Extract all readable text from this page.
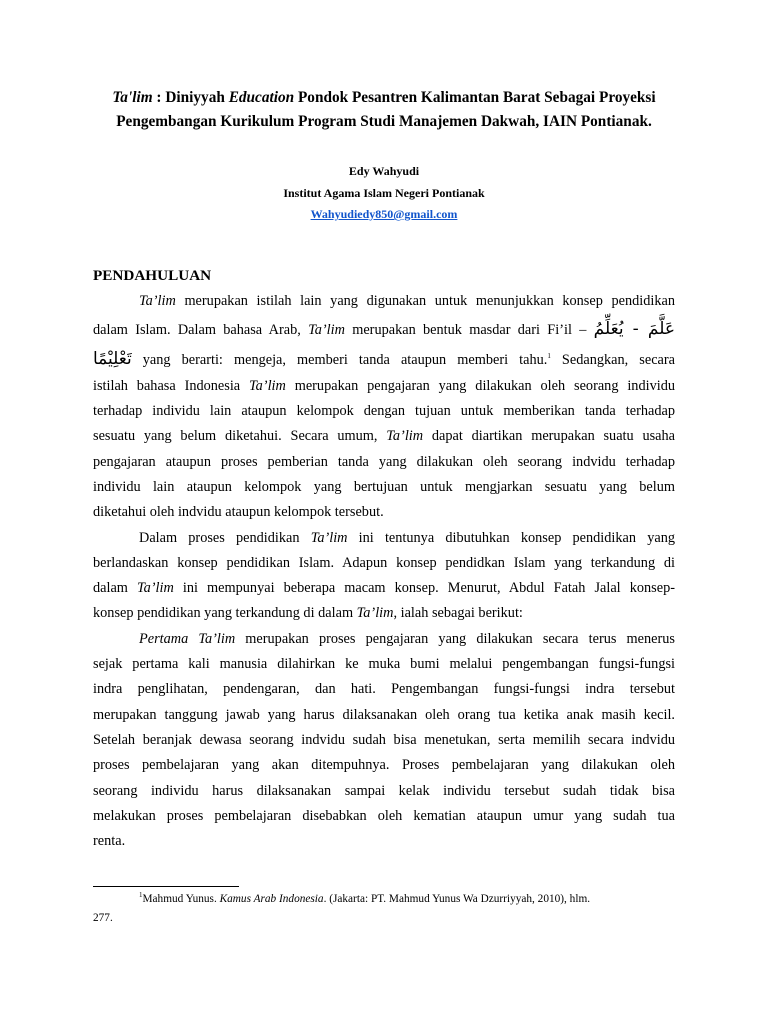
Ta'lim : Diniyyah Education Pondok Pesantren Kalimantan Barat Sebagai Proyeksi
Pengembangan Kurikulum Program Studi Manajemen Dakwah, IAIN Pontianak.

Edy Wahyudi
Institut Agama Islam Negeri Pontianak
Wahyudiedy850@gmail.com
PENDAHULUAN
Ta’lim merupakan istilah lain yang digunakan untuk menunjukkan konsep pendidikan
dalam Islam. Dalam bahasa Arab, Ta’lim merupakan bentuk masdar dari Fi’il – عَلَّمَ - يُعَلِّمُ
تَعْلِيْمًا yang berarti: mengeja, memberi tanda ataupun memberi tahu.$^1$ Sedangkan, secara
istilah bahasa Indonesia Ta’lim merupakan pengajaran yang dilakukan oleh seorang individu
terhadap individu lain ataupun kelompok dengan tujuan untuk memberikan tanda terhadap
sesuatu yang belum diketahui. Secara umum, Ta’lim dapat diartikan merupakan suatu usaha
pengajaran ataupun proses pemberian tanda yang dilakukan oleh seorang indvidu terhadap
individu lain ataupun kelompok yang bertujuan untuk mengjarkan sesuatu yang belum
diketahui oleh indvidu ataupun kelompok tersebut.
Dalam proses pendidikan Ta’lim ini tentunya dibutuhkan konsep pendidikan yang
berlandaskan konsep pendidikan Islam. Adapun konsep pendidkan Islam yang terkandung di
dalam Ta’lim ini mempunyai beberapa macam konsep. Menurut, Abdul Fatah Jalal konsep-
konsep pendidikan yang terkandung di dalam Ta’lim, ialah sebagai berikut:
Pertama Ta’lim merupakan proses pengajaran yang dilakukan secara terus menerus
sejak pertama kali manusia dilahirkan ke muka bumi melalui pengembangan fungsi-fungsi
indra penglihatan, pendengaran, dan hati. Pengembangan fungsi-fungsi indra tersebut
merupakan tanggung jawab yang harus dilaksanakan oleh orang tua ketika anak masih kecil.
Setelah beranjak dewasa seorang indvidu sudah bisa menetukan, serta memilih secara indvidu
proses pembelajaran yang akan ditempuhnya. Proses pembelajaran yang dilakukan oleh
seorang individu harus dilaksanakan sampai kelak individu tersebut sudah tidak bisa
melakukan proses pembelajaran disebabkan oleh kematian ataupun umur yang sudah tua
renta.
$^1$Mahmud Yunus. Kamus Arab Indonesia. (Jakarta: PT. Mahmud Yunus Wa Dzurriyyah, 2010), hlm.
277.
